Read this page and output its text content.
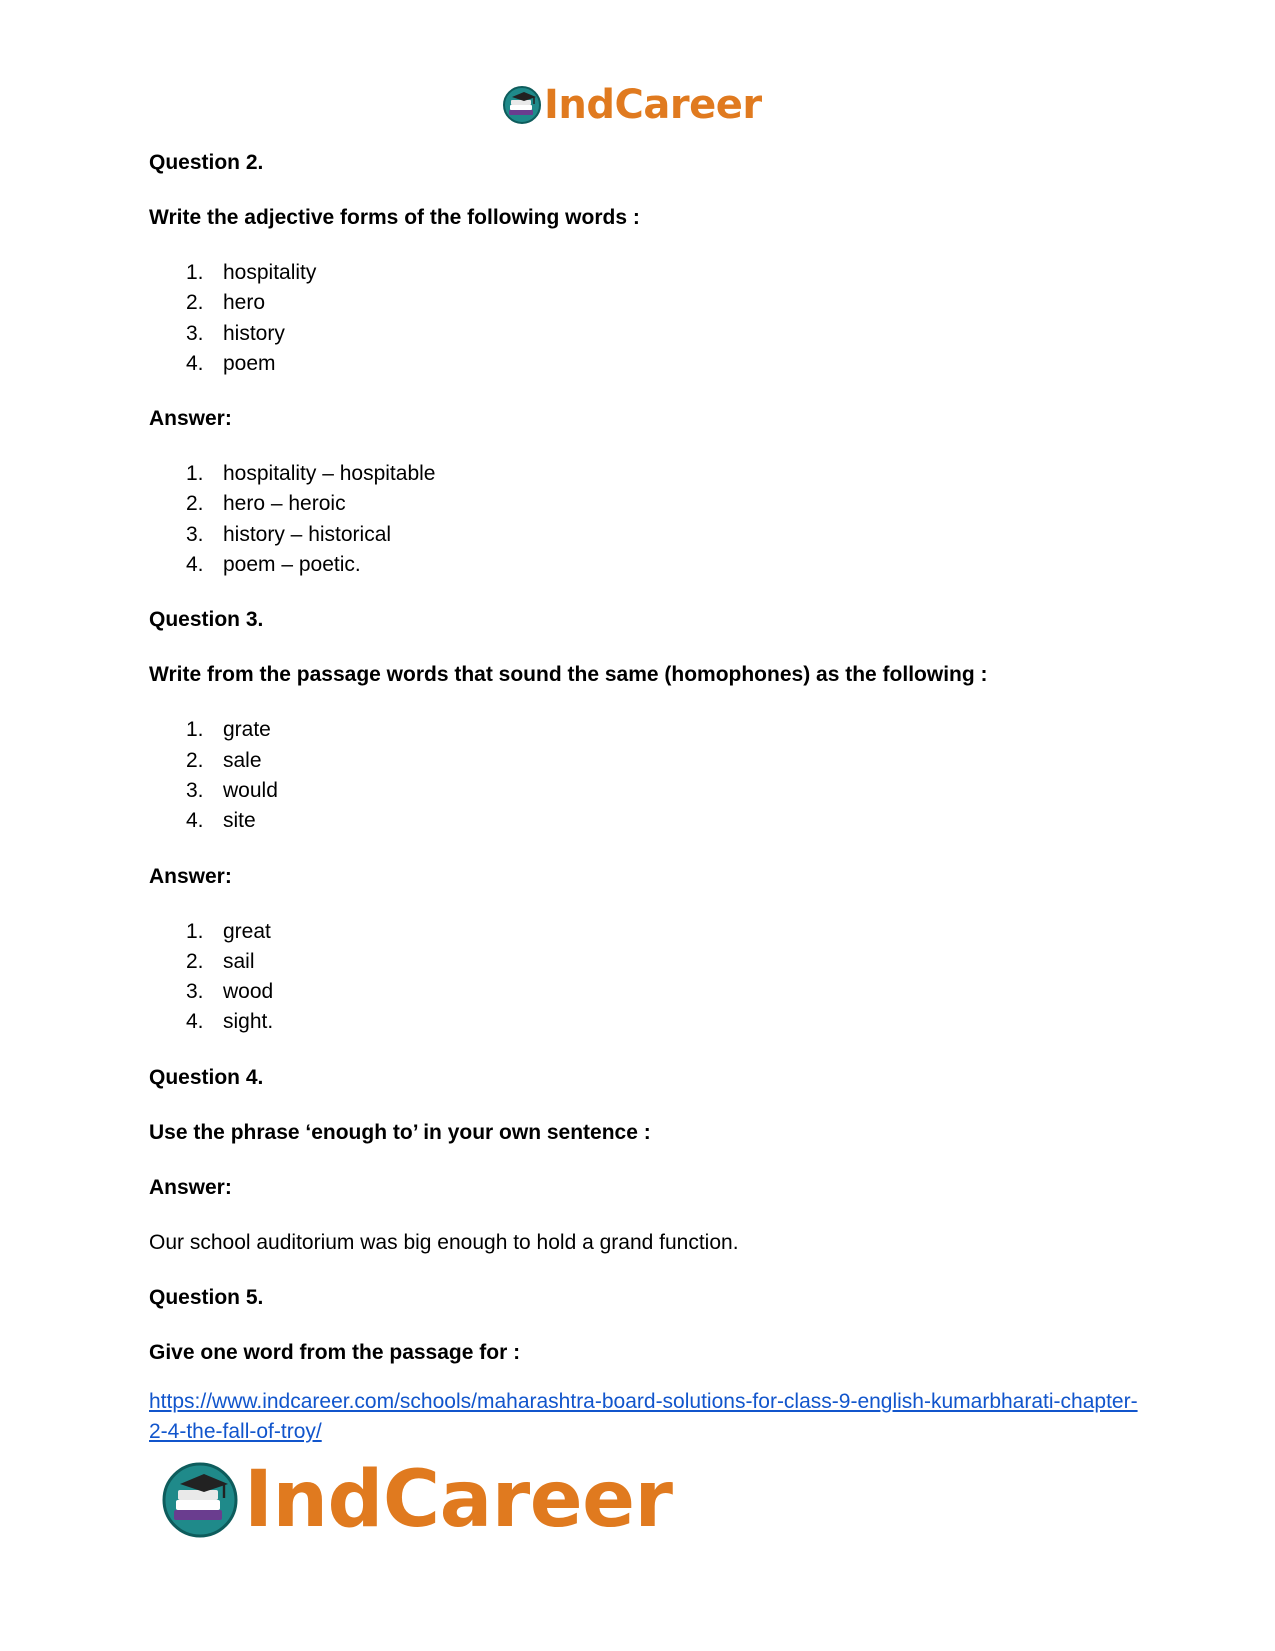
IndCareer

Question 2.

Write the adjective forms of the following words :

1. hospitality
2. hero
3. history
4. poem

Answer:

1. hospitality – hospitable
2. hero – heroic
3. history – historical
4. poem – poetic.

Question 3.

Write from the passage words that sound the same (homophones) as the following :

1. grate
2. sale
3. would
4. site

Answer:

1. great
2. sail
3. wood
4. sight.

Question 4.

Use the phrase ‘enough to’ in your own sentence :

Answer:

Our school auditorium was big enough to hold a grand function.

Question 5.

Give one word from the passage for :

https://www.indcareer.com/schools/maharashtra-board-solutions-for-class-9-english-kumarbharati-chapter-2-4-the-fall-of-troy/
IndCareer
